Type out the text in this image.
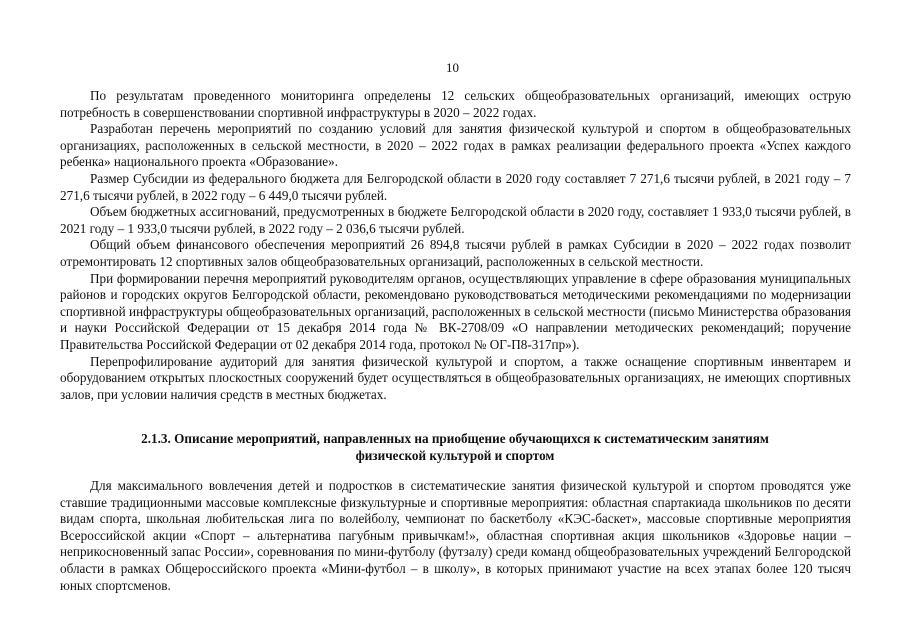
10

По результатам проведенного мониторинга определены 12 сельских общеобразовательных организаций, имеющих острую потребность в совершенствовании спортивной инфраструктуры в 2020 – 2022 годах.

Разработан перечень мероприятий по созданию условий для занятия физической культурой и спортом в общеобразовательных организациях, расположенных в сельской местности, в 2020 – 2022 годах в рамках реализации федерального проекта «Успех каждого ребенка» национального проекта «Образование».

Размер Субсидии из федерального бюджета для Белгородской области в 2020 году составляет 7 271,6 тысячи рублей, в 2021 году – 7 271,6 тысячи рублей, в 2022 году – 6 449,0 тысячи рублей.

Объем бюджетных ассигнований, предусмотренных в бюджете Белгородской области в 2020 году, составляет 1 933,0 тысячи рублей, в 2021 году – 1 933,0 тысячи рублей, в 2022 году – 2 036,6 тысячи рублей.

Общий объем финансового обеспечения мероприятий 26 894,8 тысячи рублей в рамках Субсидии в 2020 – 2022 годах позволит отремонтировать 12 спортивных залов общеобразовательных организаций, расположенных в сельской местности.

При формировании перечня мероприятий руководителям органов, осуществляющих управление в сфере образования муниципальных районов и городских округов Белгородской области, рекомендовано руководствоваться методическими рекомендациями по модернизации спортивной инфраструктуры общеобразовательных организаций, расположенных в сельской местности (письмо Министерства образования и науки Российской Федерации от 15 декабря 2014 года № ВК-2708/09 «О направлении методических рекомендаций; поручение Правительства Российской Федерации от 02 декабря 2014 года, протокол № ОГ-П8-317пр»).

Перепрофилирование аудиторий для занятия физической культурой и спортом, а также оснащение спортивным инвентарем и оборудованием открытых плоскостных сооружений будет осуществляться в общеобразовательных организациях, не имеющих спортивных залов, при условии наличия средств в местных бюджетах.

2.1.3. Описание мероприятий, направленных на приобщение обучающихся к систематическим занятиям
физической культурой и спортом

Для максимального вовлечения детей и подростков в систематические занятия физической культурой и спортом проводятся уже ставшие традиционными массовые комплексные физкультурные и спортивные мероприятия: областная спартакиада школьников по десяти видам спорта, школьная любительская лига по волейболу, чемпионат по баскетболу «КЭС-баскет», массовые спортивные мероприятия Всероссийской акции «Спорт – альтернатива пагубным привычкам!», областная спортивная акция школьников «Здоровье нации – неприкосновенный запас России», соревнования по мини-футболу (футзалу) среди команд общеобразовательных учреждений Белгородской области в рамках Общероссийского проекта «Мини-футбол – в школу», в которых принимают участие на всех этапах более 120 тысяч юных спортсменов.
